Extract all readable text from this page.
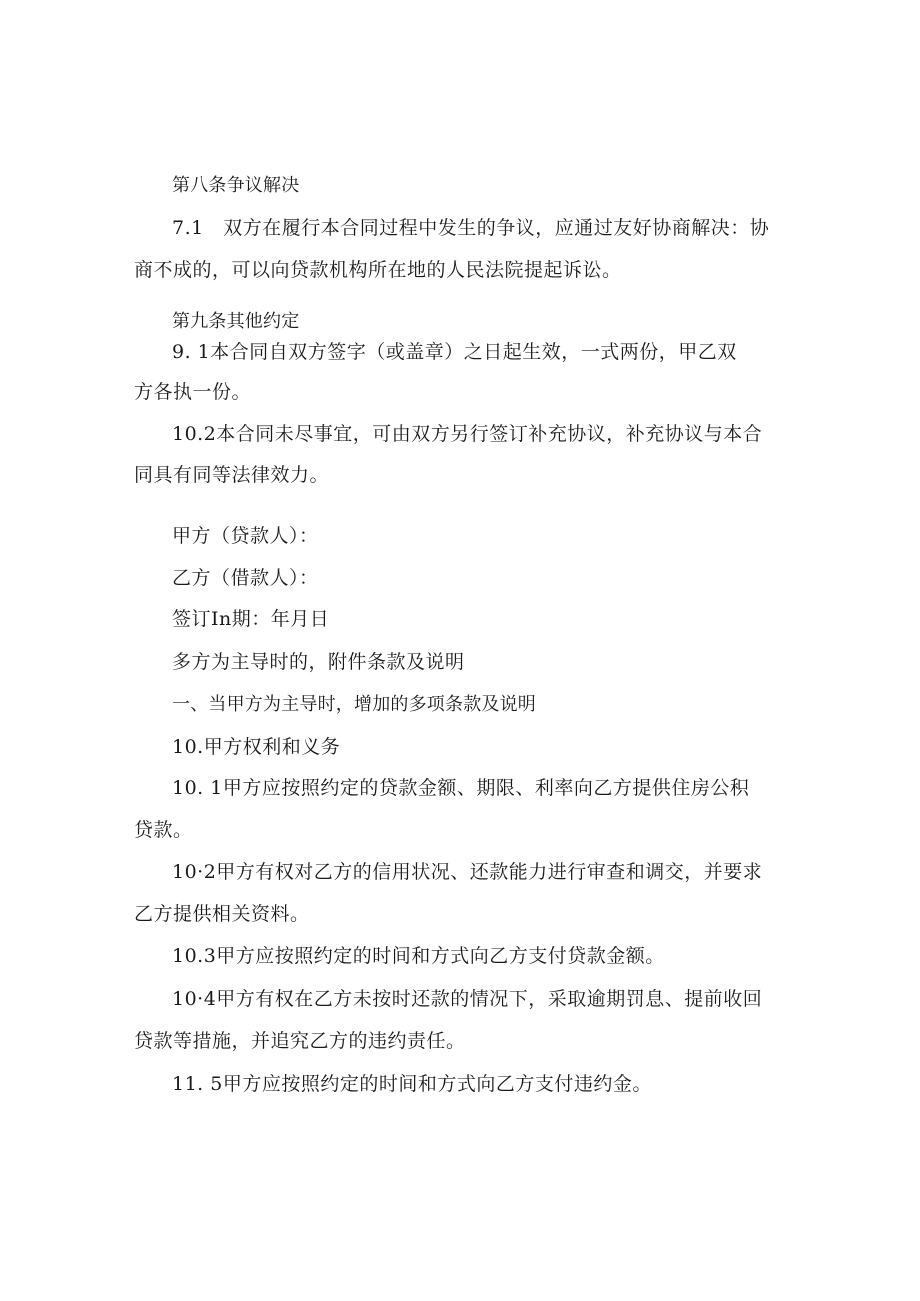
第八条争议解决
7.1　双方在履行本合同过程中发生的争议，应通过友好协商解决：协
商不成的，可以向贷款机构所在地的人民法院提起诉讼。
第九条其他约定
9. 1本合同自双方签字（或盖章）之日起生效，一式两份，甲乙双
方各执一份。
10.2本合同未尽事宜，可由双方另行签订补充协议，补充协议与本合
同具有同等法律效力。
甲方（贷款人）：
乙方（借款人）：
签订In期：年月日
多方为主导时的，附件条款及说明
一、当甲方为主导时，增加的多项条款及说明
10.甲方权利和义务
10. 1甲方应按照约定的贷款金额、期限、利率向乙方提供住房公积
贷款。
10·2甲方有权对乙方的信用状况、还款能力进行审查和调交，并要求
乙方提供相关资料。
10.3甲方应按照约定的时间和方式向乙方支付贷款金额。
10·4甲方有权在乙方未按时还款的情况下，采取逾期罚息、提前收回
贷款等措施，并追究乙方的违约责任。
11. 5甲方应按照约定的时间和方式向乙方支付违约金。
